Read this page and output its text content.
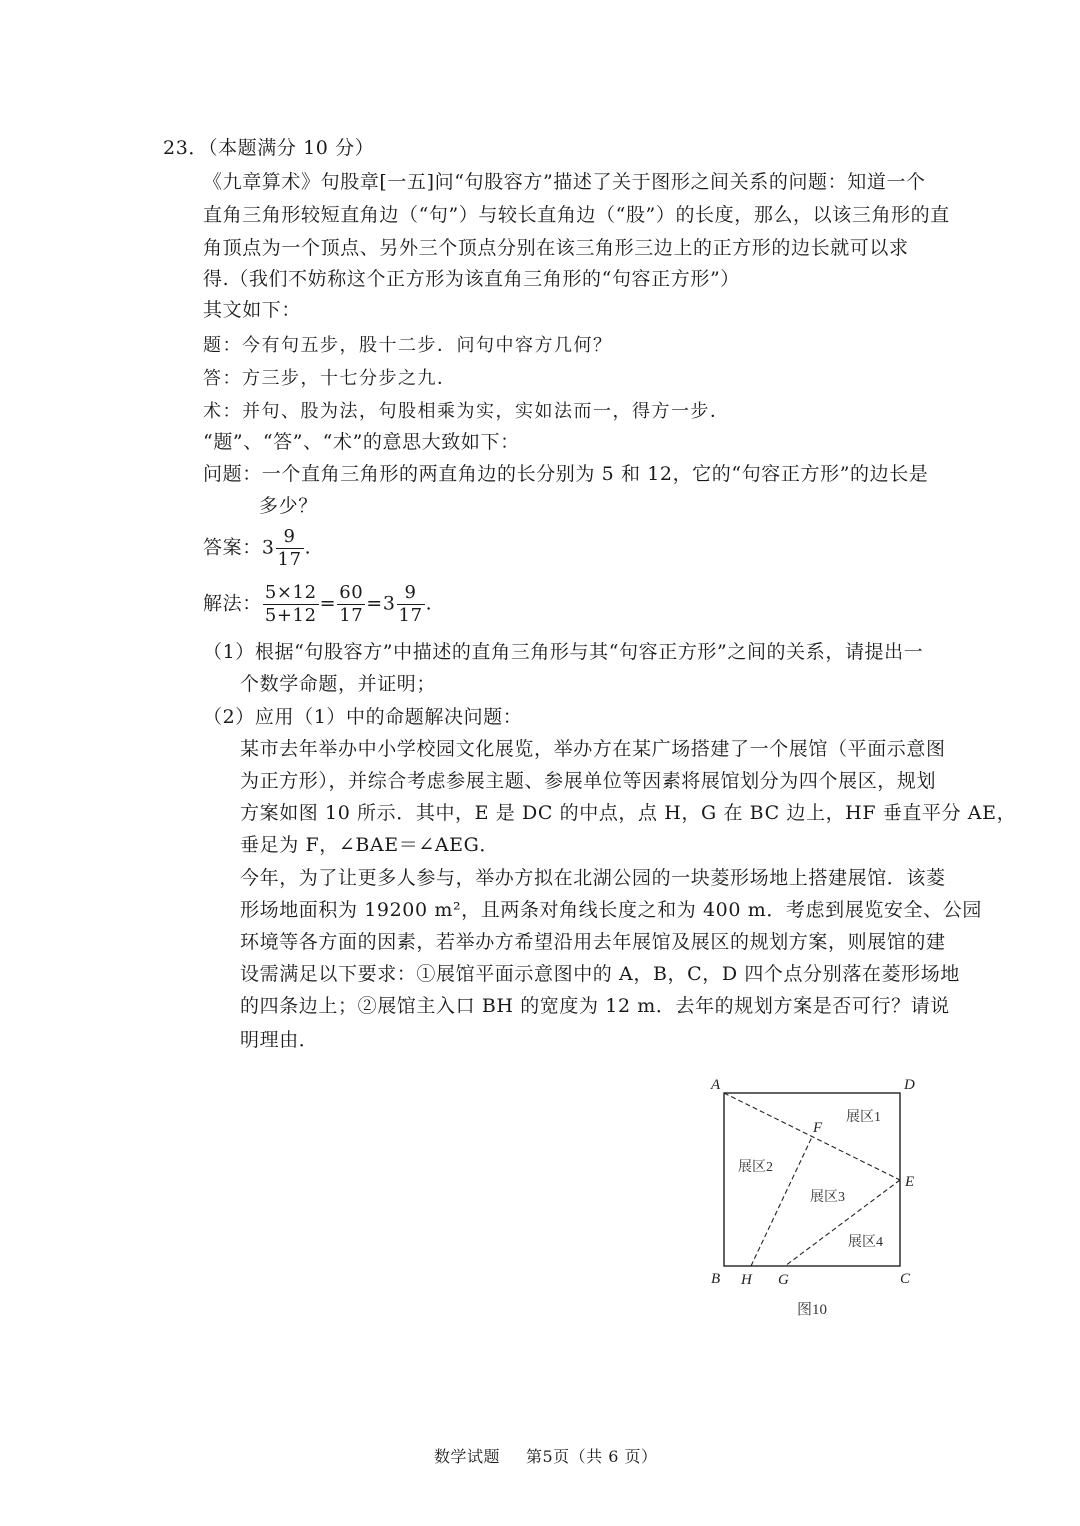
23．（本题满分 10 分）
《九章算术》句股章[一五]问“句股容方”描述了关于图形之间关系的问题：知道一个
直角三角形较短直角边（“句”）与较长直角边（“股”）的长度，那么，以该三角形的直
角顶点为一个顶点、另外三个顶点分别在该三角形三边上的正方形的边长就可以求
得.（我们不妨称这个正方形为该直角三角形的“句容正方形”）
其文如下：
题：今有句五步，股十二步．问句中容方几何？
答：方三步，十七分步之九．
术：并句、股为法，句股相乘为实，实如法而一，得方一步．
“题”、“答”、“术”的意思大致如下：
问题：一个直角三角形的两直角边的长分别为 5 和 12，它的“句容正方形”的边长是
多少？
答案：$3 \frac{9}{17}$ .
解法： $\frac{5\times 12}{5+12} = \frac{60}{17} =3 \frac{9}{17}$ .
（1）根据“句股容方”中描述的直角三角形与其“句容正方形”之间的关系，请提出一
个数学命题，并证明；
（2）应用（1）中的命题解决问题：
某市去年举办中小学校园文化展览，举办方在某广场搭建了一个展馆（平面示意图
为正方形），并综合考虑参展主题、参展单位等因素将展馆划分为四个展区，规划
方案如图 10 所示．其中，E 是 DC 的中点，点 H，G 在 BC 边上，HF 垂直平分 AE，
垂足为 F，∠BAE＝∠AEG．
今年，为了让更多人参与，举办方拟在北湖公园的一块菱形场地上搭建展馆．该菱
形场地面积为 19200 m²，且两条对角线长度之和为 400 m．考虑到展览安全、公园
环境等各方面的因素，若举办方希望沿用去年展馆及展区的规划方案，则展馆的建
设需满足以下要求：①展馆平面示意图中的 A，B，C，D 四个点分别落在菱形场地
的四条边上；②展馆主入口 BH 的宽度为 12 m．去年的规划方案是否可行？请说
明理由．
A	D
B	C
E
F
H G
展区1
展区2
展区3
展区4
图10
数学试题 第5页（共 6 页）
